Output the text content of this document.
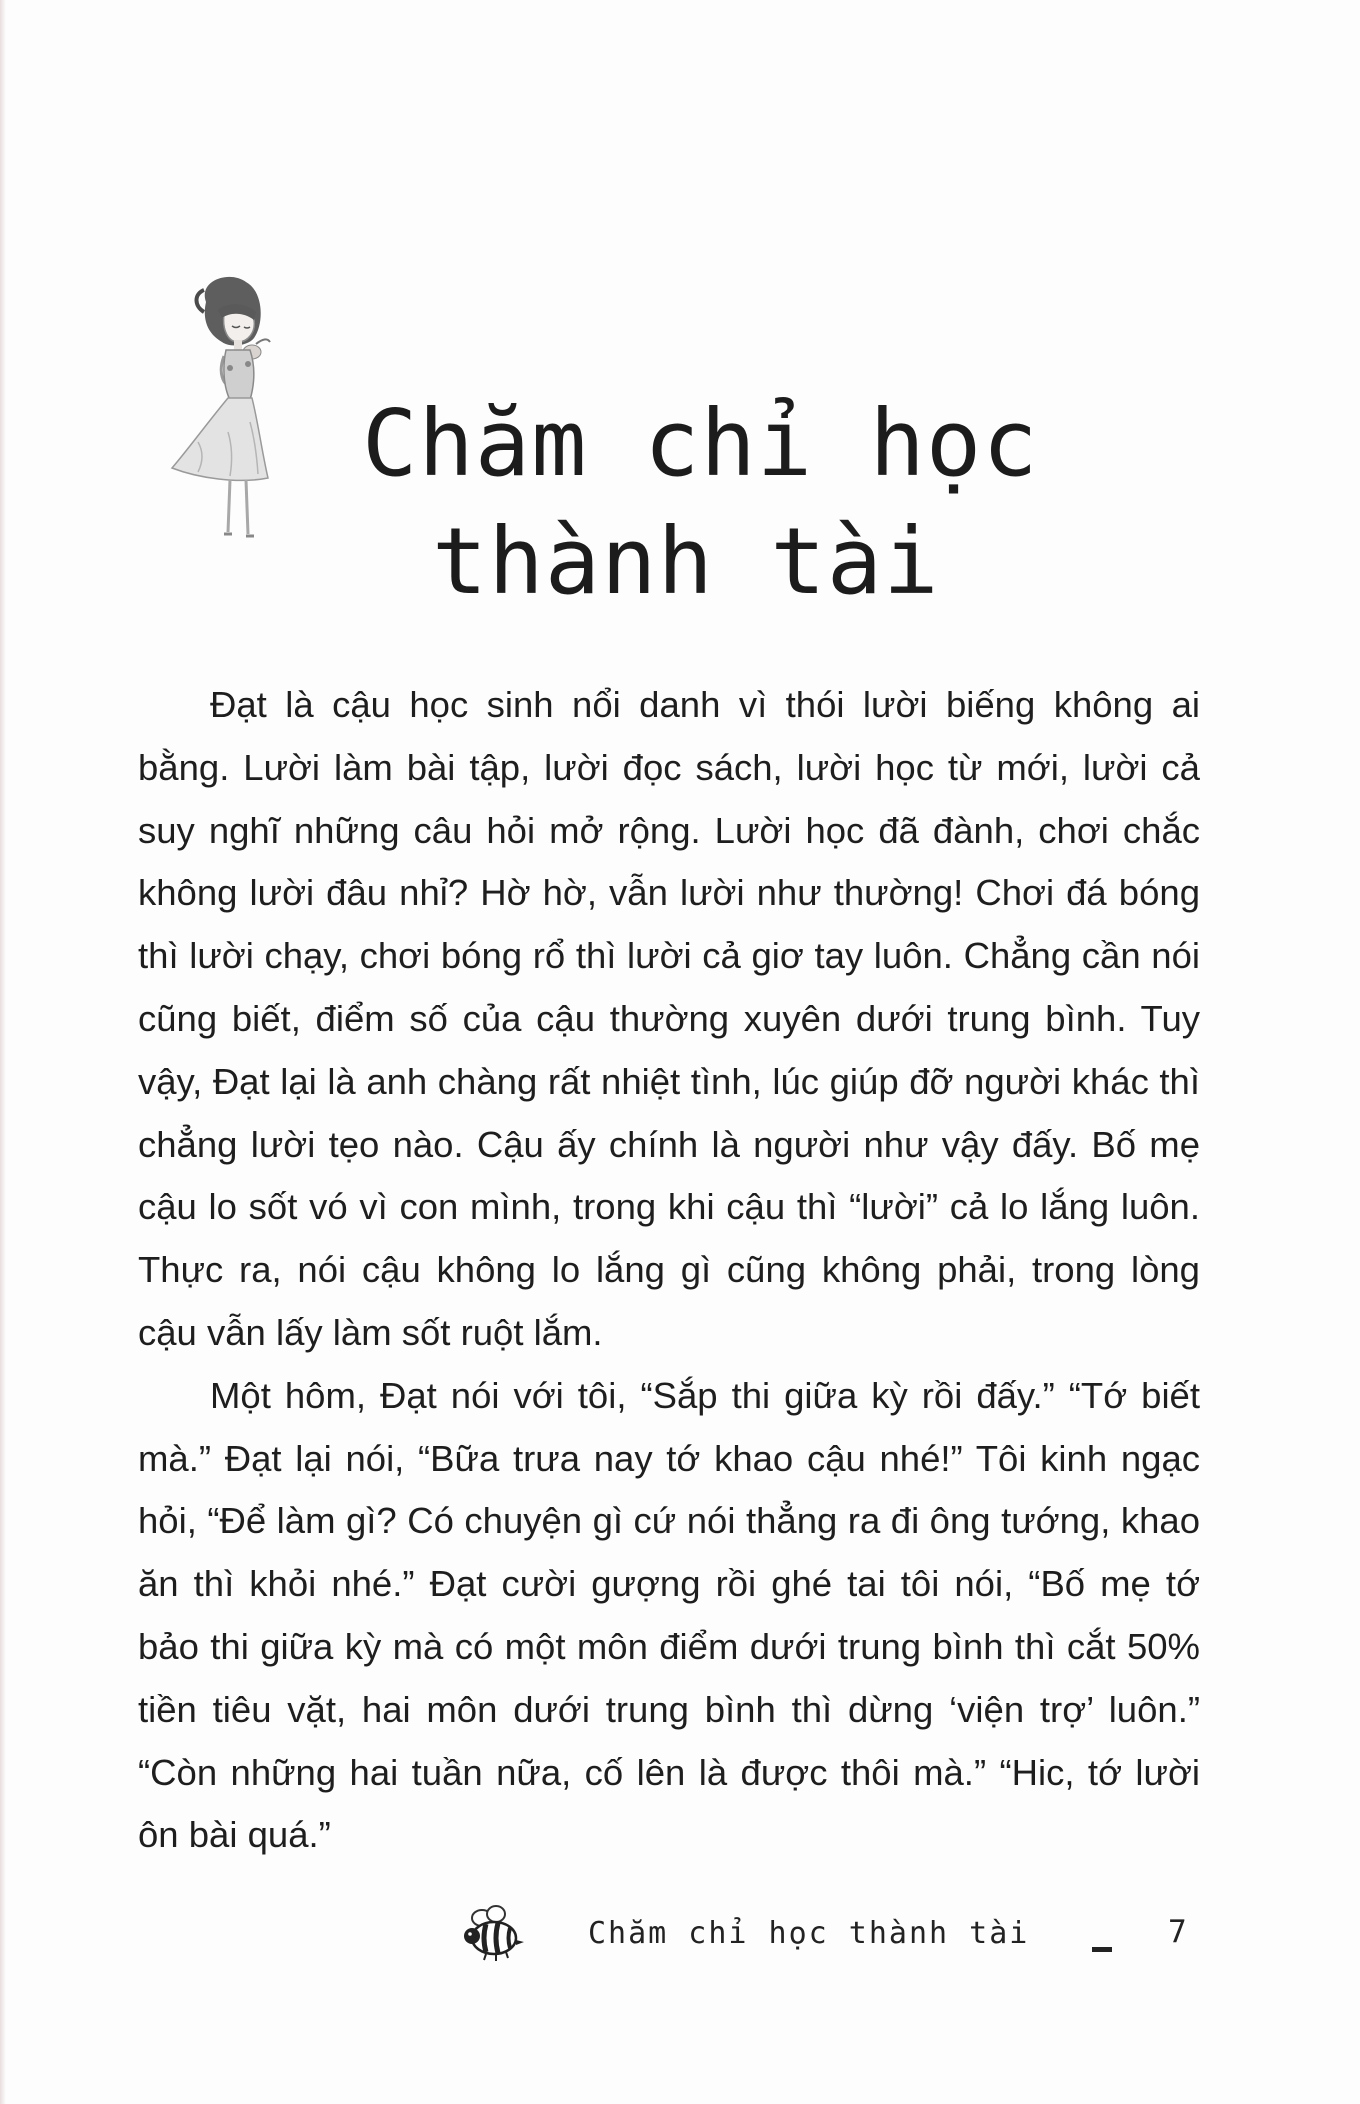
Chăm chỉ học
thành tài

Đạt là cậu học sinh nổi danh vì thói lười biếng không ai bằng. Lười làm bài tập, lười đọc sách, lười học từ mới, lười cả suy nghĩ những câu hỏi mở rộng. Lười học đã đành, chơi chắc không lười đâu nhỉ? Hờ hờ, vẫn lười như thường! Chơi đá bóng thì lười chạy, chơi bóng rổ thì lười cả giơ tay luôn. Chẳng cần nói cũng biết, điểm số của cậu thường xuyên dưới trung bình. Tuy vậy, Đạt lại là anh chàng rất nhiệt tình, lúc giúp đỡ người khác thì chẳng lười tẹo nào. Cậu ấy chính là người như vậy đấy. Bố mẹ cậu lo sốt vó vì con mình, trong khi cậu thì “lười” cả lo lắng luôn. Thực ra, nói cậu không lo lắng gì cũng không phải, trong lòng cậu vẫn lấy làm sốt ruột lắm.

Một hôm, Đạt nói với tôi, “Sắp thi giữa kỳ rồi đấy.” “Tớ biết mà.” Đạt lại nói, “Bữa trưa nay tớ khao cậu nhé!” Tôi kinh ngạc hỏi, “Để làm gì? Có chuyện gì cứ nói thẳng ra đi ông tướng, khao ăn thì khỏi nhé.” Đạt cười gượng rồi ghé tai tôi nói, “Bố mẹ tớ bảo thi giữa kỳ mà có một môn điểm dưới trung bình thì cắt 50% tiền tiêu vặt, hai môn dưới trung bình thì dừng ‘viện trợ’ luôn.” “Còn những hai tuần nữa, cố lên là được thôi mà.” “Hic, tớ lười ôn bài quá.”

Chăm chỉ học thành tài	7
